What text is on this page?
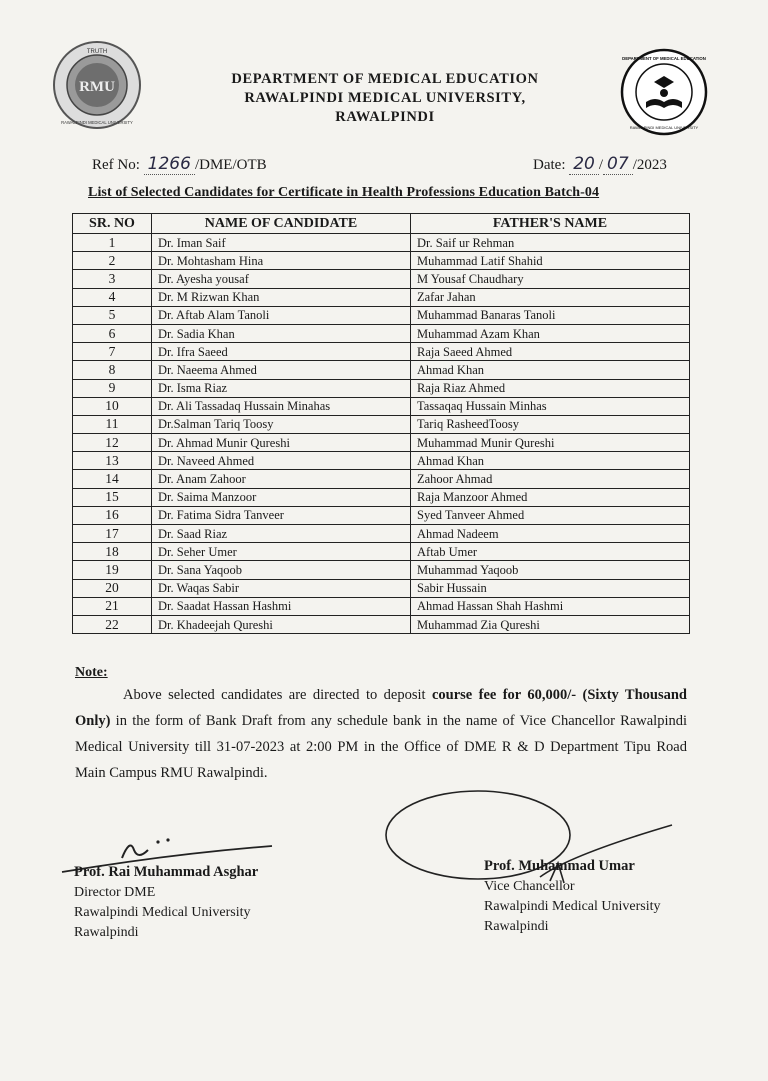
RMU
TRUTH
RAWALPINDI MEDICAL UNIVERSITY
DEPARTMENT OF MEDICAL EDUCATION
RAWALPINDI MEDICAL UNIVERSITY,
RAWALPINDI
DEPARTMENT OF MEDICAL EDUCATION
RAWALPINDI MEDICAL UNIVERSITY
Ref No: 1266 /DME/OTB	Date: 20 / 07 /2023
List of Selected Candidates for Certificate in Health Professions Education Batch-04
SR. NO	NAME OF CANDIDATE	FATHER'S NAME
1	Dr. Iman Saif	Dr. Saif ur Rehman
2	Dr. Mohtasham Hina	Muhammad Latif Shahid
3	Dr. Ayesha yousaf	M Yousaf Chaudhary
4	Dr. M Rizwan Khan	Zafar Jahan
5	Dr. Aftab Alam Tanoli	Muhammad Banaras Tanoli
6	Dr. Sadia Khan	Muhammad Azam Khan
7	Dr. Ifra Saeed	Raja Saeed Ahmed
8	Dr. Naeema Ahmed	Ahmad Khan
9	Dr. Isma Riaz	Raja Riaz Ahmed
10	Dr. Ali Tassadaq Hussain Minahas	Tassaqaq Hussain Minhas
11	Dr.Salman Tariq Toosy	Tariq RasheedToosy
12	Dr. Ahmad Munir Qureshi	Muhammad Munir Qureshi
13	Dr. Naveed Ahmed	Ahmad Khan
14	Dr. Anam Zahoor	Zahoor Ahmad
15	Dr. Saima Manzoor	Raja Manzoor Ahmed
16	Dr. Fatima Sidra Tanveer	Syed Tanveer Ahmed
17	Dr. Saad Riaz	Ahmad Nadeem
18	Dr. Seher Umer	Aftab Umer
19	Dr. Sana Yaqoob	Muhammad Yaqoob
20	Dr. Waqas Sabir	Sabir Hussain
21	Dr. Saadat Hassan Hashmi	Ahmad Hassan Shah Hashmi
22	Dr. Khadeejah Qureshi	Muhammad Zia Qureshi
Note:
Above selected candidates are directed to deposit course fee for 60,000/- (Sixty Thousand Only) in the form of Bank Draft from any schedule bank in the name of Vice Chancellor Rawalpindi Medical University till 31-07-2023 at 2:00 PM in the Office of DME R & D Department Tipu Road Main Campus RMU Rawalpindi.
Prof. Rai Muhammad Asghar
Director DME
Rawalpindi Medical University
Rawalpindi
Prof. Muhammad Umar
Vice Chancellor
Rawalpindi Medical University
Rawalpindi
